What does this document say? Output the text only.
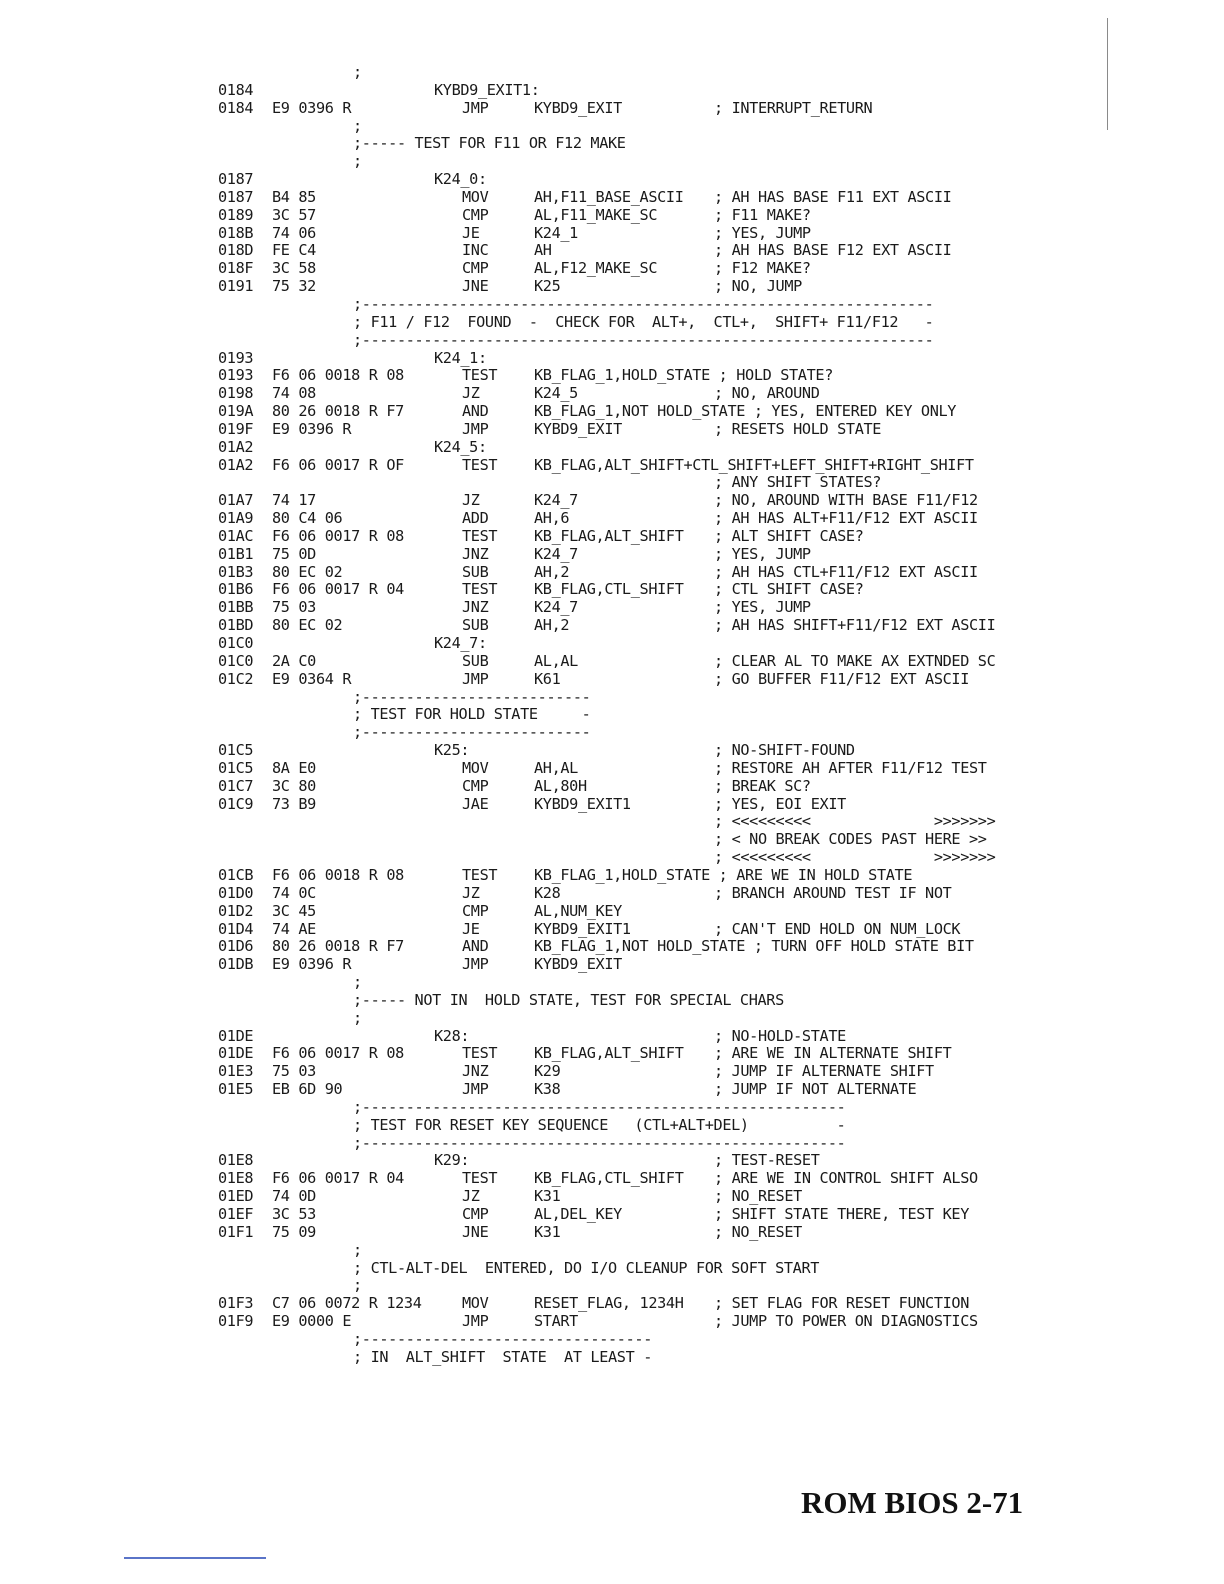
;
0184	KYBD9_EXIT1:
0184 E9 0396 R	JMP	KYBD9_EXIT	; INTERRUPT_RETURN
;
;----- TEST FOR F11 OR F12 MAKE
;
0187	K24_0:
0187 B4 85	MOV	AH,F11_BASE_ASCII ; AH HAS BASE F11 EXT ASCII
0189 3C 57	CMP	AL,F11_MAKE_SC	; F11 MAKE?
018B 74 06	JE	K24_1	; YES, JUMP
018D FE C4	INC	AH	; AH HAS BASE F12 EXT ASCII
018F 3C 58	CMP	AL,F12_MAKE_SC	; F12 MAKE?
0191 75 32	JNE	K25	; NO, JUMP
;-----------------------------------------------------------------
; F11 / F12  FOUND  -  CHECK FOR  ALT+,  CTL+,  SHIFT+ F11/F12   -
;-----------------------------------------------------------------
0193	K24_1:
0193 F6 06 0018 R 08	TEST KB_FLAG_1,HOLD_STATE ; HOLD STATE?
0198 74 08	JZ	K24_5	; NO, AROUND
019A 80 26 0018 R F7	AND	KB_FLAG_1,NOT HOLD_STATE ; YES, ENTERED KEY ONLY
019F E9 0396 R	JMP	KYBD9_EXIT	; RESETS HOLD STATE
01A2	K24_5:
01A2 F6 06 0017 R OF	TEST KB_FLAG,ALT_SHIFT+CTL_SHIFT+LEFT_SHIFT+RIGHT_SHIFT
; ANY SHIFT STATES?
01A7 74 17	JZ	K24_7	; NO, AROUND WITH BASE F11/F12
01A9 80 C4 06	ADD	AH,6	; AH HAS ALT+F11/F12 EXT ASCII
01AC F6 06 0017 R 08	TEST KB_FLAG,ALT_SHIFT ; ALT SHIFT CASE?
01B1 75 0D	JNZ	K24_7	; YES, JUMP
01B3 80 EC 02	SUB	AH,2	; AH HAS CTL+F11/F12 EXT ASCII
01B6 F6 06 0017 R 04	TEST KB_FLAG,CTL_SHIFT ; CTL SHIFT CASE?
01BB 75 03	JNZ	K24_7	; YES, JUMP
01BD 80 EC 02	SUB	AH,2	; AH HAS SHIFT+F11/F12 EXT ASCII
01C0	K24_7:
01C0 2A C0	SUB	AL,AL	; CLEAR AL TO MAKE AX EXTNDED SC
01C2 E9 0364 R	JMP	K61	; GO BUFFER F11/F12 EXT ASCII
;--------------------------
; TEST FOR HOLD STATE     -
;--------------------------
01C5	K25:	; NO-SHIFT-FOUND
01C5 8A E0	MOV	AH,AL	; RESTORE AH AFTER F11/F12 TEST
01C7 3C 80	CMP	AL,80H	; BREAK SC?
01C9 73 B9	JAE	KYBD9_EXIT1	; YES, EOI EXIT
; <<<<<<<<<              >>>>>>>
; < NO BREAK CODES PAST HERE >>
; <<<<<<<<<              >>>>>>>
01CB F6 06 0018 R 08	TEST KB_FLAG_1,HOLD_STATE ; ARE WE IN HOLD STATE
01D0 74 0C	JZ	K28	; BRANCH AROUND TEST IF NOT
01D2 3C 45	CMP	AL,NUM_KEY
01D4 74 AE	JE	KYBD9_EXIT1	; CAN'T END HOLD ON NUM_LOCK
01D6 80 26 0018 R F7	AND	KB_FLAG_1,NOT HOLD_STATE ; TURN OFF HOLD STATE BIT
01DB E9 0396 R	JMP	KYBD9_EXIT
;
;----- NOT IN  HOLD STATE, TEST FOR SPECIAL CHARS
;
01DE	K28:	; NO-HOLD-STATE
01DE F6 06 0017 R 08	TEST KB_FLAG,ALT_SHIFT ; ARE WE IN ALTERNATE SHIFT
01E3 75 03	JNZ	K29	; JUMP IF ALTERNATE SHIFT
01E5 EB 6D 90	JMP	K38	; JUMP IF NOT ALTERNATE
;-------------------------------------------------------
; TEST FOR RESET KEY SEQUENCE   (CTL+ALT+DEL)          -
;-------------------------------------------------------
01E8	K29:	; TEST-RESET
01E8 F6 06 0017 R 04	TEST KB_FLAG,CTL_SHIFT ; ARE WE IN CONTROL SHIFT ALSO
01ED 74 0D	JZ	K31	; NO_RESET
01EF 3C 53	CMP	AL,DEL_KEY	; SHIFT STATE THERE, TEST KEY
01F1 75 09	JNE	K31	; NO_RESET
;
; CTL-ALT-DEL  ENTERED, DO I/O CLEANUP FOR SOFT START
;
01F3 C7 06 0072 R 1234	MOV	RESET_FLAG, 1234H ; SET FLAG FOR RESET FUNCTION
01F9 E9 0000 E	JMP	START	; JUMP TO POWER ON DIAGNOSTICS
;---------------------------------
; IN  ALT_SHIFT  STATE  AT LEAST -
ROM BIOS 2-71
